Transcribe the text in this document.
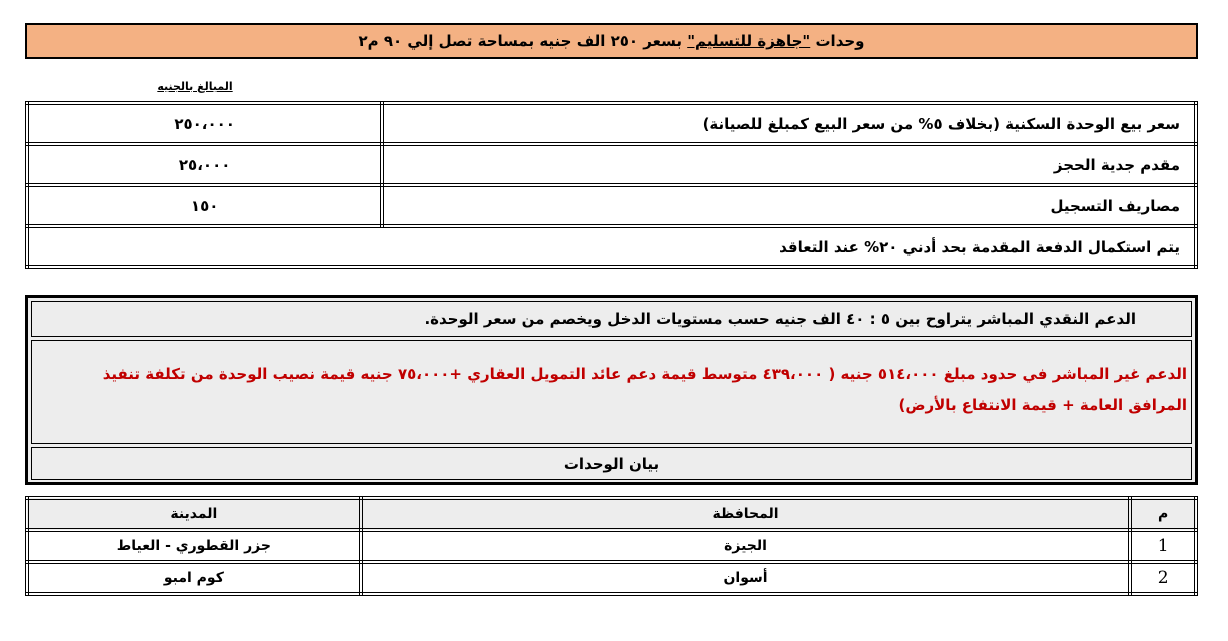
وحدات

"جاهزة للتسليم"

بسعر ٢٥٠ الف جنيه بمساحة تصل إلي ٩٠ م٢
المبالغ بالجنيه
سعر بيع الوحدة السكنية (بخلاف ٥% من سعر البيع كمبلغ للصيانة)	٢٥٠،٠٠٠
مقدم جدية الحجز	٢٥،٠٠٠
مصاريف التسجيل	١٥٠
يتم استكمال الدفعة المقدمة بحد أدني ٢٠% عند التعاقد	
الدعم النقدي المباشر يتراوح بين ٥ : ٤٠ الف جنيه حسب مستويات الدخل ويخصم من سعر الوحدة.
الدعم غير المباشر في حدود مبلغ ٥١٤،٠٠٠ جنيه ( ٤٣٩،٠٠٠ متوسط قيمة دعم عائد التمويل العقاري +٧٥،٠٠٠ جنيه قيمة نصيب الوحدة من تكلفة تنفيذ المرافق العامة + قيمة الانتفاع بالأرض)
بيان الوحدات
م	المحافظة	المدينة
1	الجيزة	جزر القطوري - العياط
2	أسوان	كوم امبو
